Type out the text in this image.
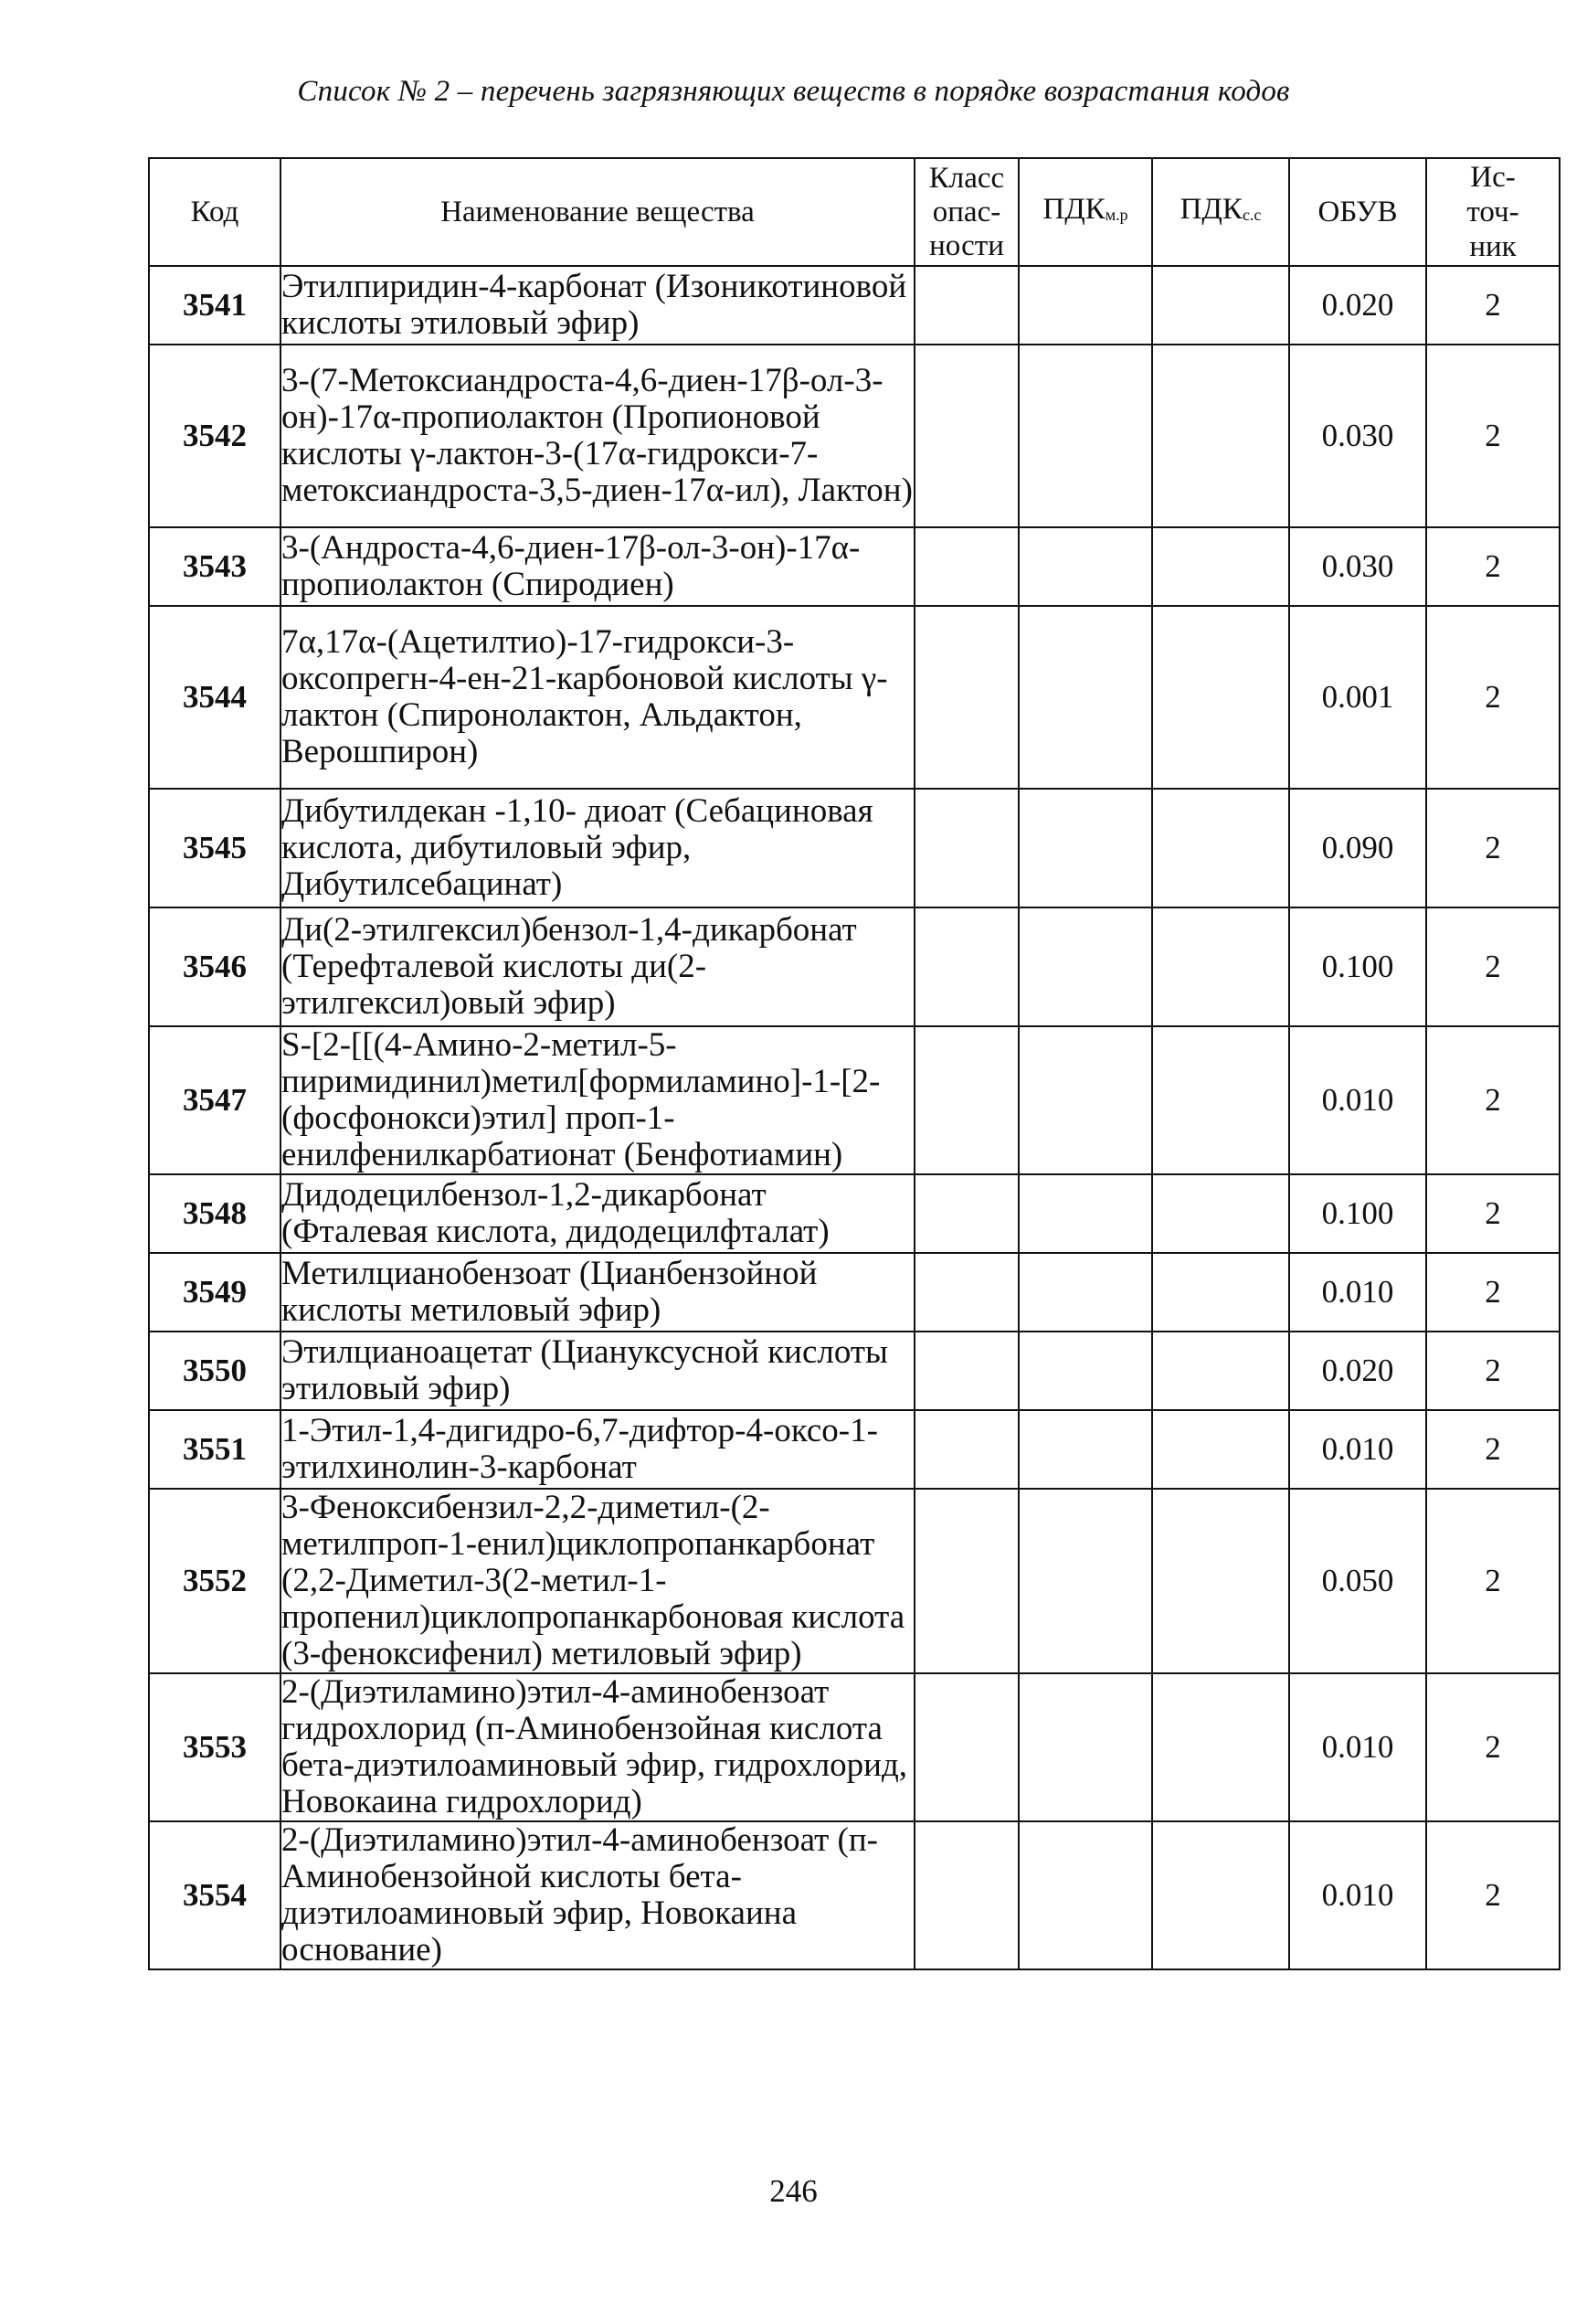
Список № 2 – перечень загрязняющих веществ в порядке возрастания кодов
Код	Наименование вещества	Класс опас-ности	$ПДК_{м.р}$	$ПДК_{с.с}$	ОБУВ	Ис-точ-ник
3541	Этилпиридин-4-карбонат (Изоникотиновой кислоты этиловый эфир)				0.020	2
3542	3-(7-Метоксиандроста-4,6-диен-17β-ол-3-он)-17α-пропиолактон (Пропионовой кислоты γ-лактон-3-(17α-гидрокси-7-метоксиандроста-3,5-диен-17α-ил), Лактон)				0.030	2
3543	3-(Андроста-4,6-диен-17β-ол-3-он)-17α-пропиолактон (Спиродиен)				0.030	2
3544	7α,17α-(Ацетилтио)-17-гидрокси-3-оксопрегн-4-ен-21-карбоновой кислоты γ-лактон (Спиронолактон, Альдактон, Верошпирон)				0.001	2
3545	Дибутилдекан -1,10- диоат (Себациновая кислота, дибутиловый эфир, Дибутилсебацинат)				0.090	2
3546	Ди(2-этилгексил)бензол-1,4-дикарбонат (Терефталевой кислоты ди(2-этилгексил)овый эфир)				0.100	2
3547	S-[2-[[(4-Амино-2-метил-5-пиримидинил)метил[формиламино]-1-[2-(фосфонокси)этил] проп-1-енилфенилкарбатионат (Бенфотиамин)				0.010	2
3548	Дидодецилбензол-1,2-дикарбонат (Фталевая кислота, дидодецилфталат)				0.100	2
3549	Метилцианобензоат (Цианбензойной кислоты метиловый эфир)				0.010	2
3550	Этилцианоацетат (Циануксусной кислоты этиловый эфир)				0.020	2
3551	1-Этил-1,4-дигидро-6,7-дифтор-4-оксо-1-этилхинолин-3-карбонат				0.010	2
3552	3-Феноксибензил-2,2-диметил-(2-метилпроп-1-енил)циклопропанкарбонат (2,2-Диметил-3(2-метил-1-пропенил)циклопропанкарбоновая кислота (3-феноксифенил) метиловый эфир)				0.050	2
3553	2-(Диэтиламино)этил-4-аминобензоат гидрохлорид (п-Аминобензойная кислота бета-диэтилоаминовый эфир, гидрохлорид, Новокаина гидрохлорид)				0.010	2
3554	2-(Диэтиламино)этил-4-аминобензоат (п-Аминобензойной кислоты бета-диэтилоаминовый эфир, Новокаина основание)				0.010	2
246
